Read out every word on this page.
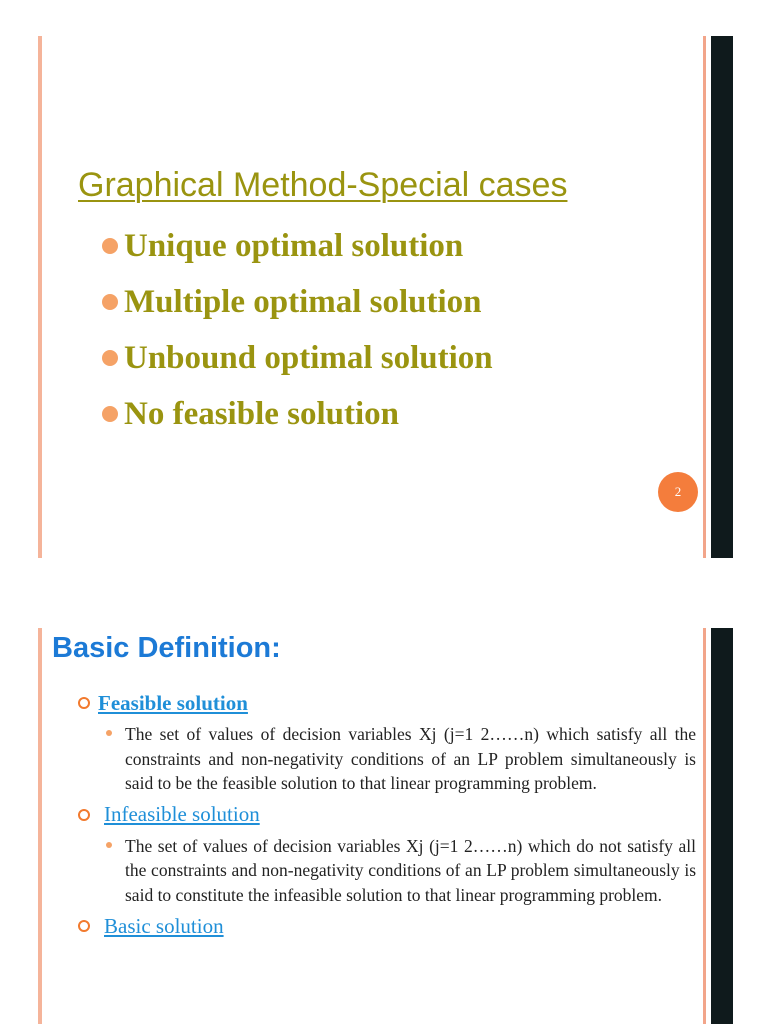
Graphical Method-Special cases
Unique optimal solution
Multiple optimal solution
Unbound optimal solution
No feasible solution
2
Basic Definition:
Feasible solution
The set of values of decision variables Xj (j=1 2……n) which satisfy all the constraints and non-negativity conditions of an LP problem simultaneously is said to be the feasible solution to that linear programming problem.
Infeasible solution
The set of values of decision variables Xj (j=1 2……n) which do not satisfy all the constraints and non-negativity conditions of an LP problem simultaneously is said to constitute the infeasible solution to that linear programming problem.
Basic solution
